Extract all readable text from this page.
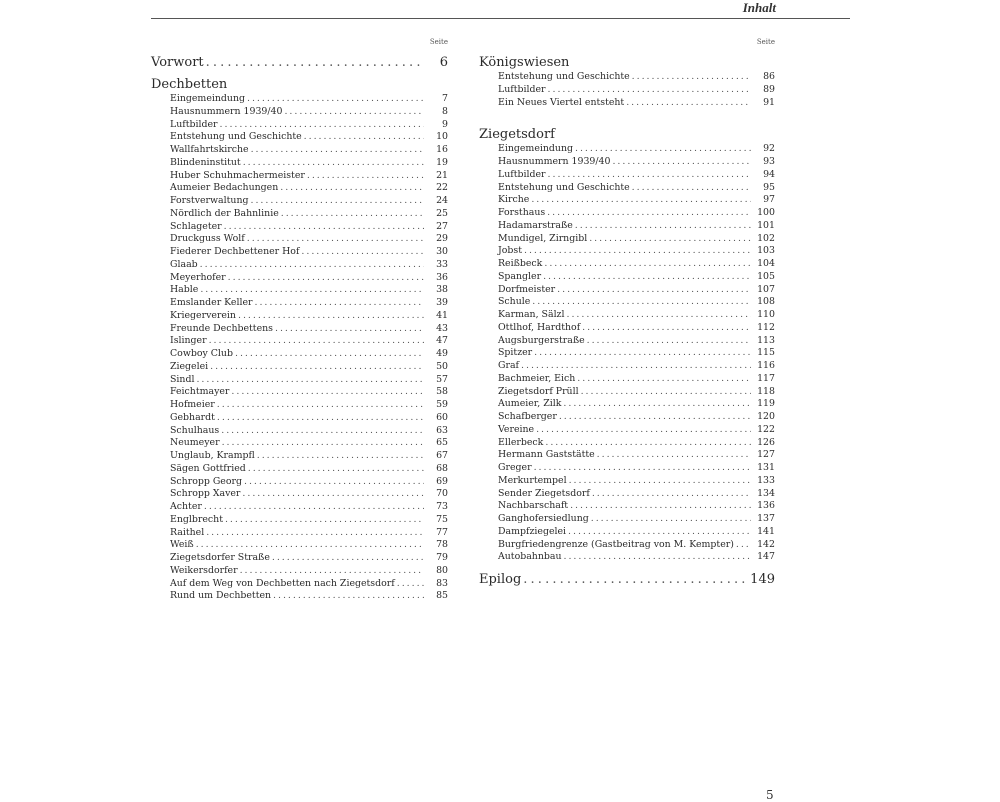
Inhalt
Seite
Vorwort . . .	6
Dechbetten
Eingemeindung . . .	7
Hausnummern 1939/40 . . .	8
Luftbilder . . .	9
Entstehung und Geschichte . . .	10
Wallfahrtskirche . . .	16
Blindeninstitut . . .	19
Huber Schuhmachermeister . . .	21
Aumeier Bedachungen . . .	22
Forstverwaltung . . .	24
Nördlich der Bahnlinie . . .	25
Schlageter . . .	27
Druckguss Wolf . . .	29
Fiederer Dechbettener Hof . . .	30
Glaab . . .	33
Meyerhofer . . .	36
Hable . . .	38
Emslander Keller . . .	39
Kriegerverein . . .	41
Freunde Dechbettens . . .	43
Islinger . . .	47
Cowboy Club . . .	49
Ziegelei . . .	50
Sindl . . .	57
Feichtmayer . . .	58
Hofmeier . . .	59
Gebhardt . . .	60
Schulhaus . . .	63
Neumeyer . . .	65
Unglaub, Krampfl . . .	67
Sägen Gottfried . . .	68
Schropp Georg . . .	69
Schropp Xaver . . .	70
Achter . . .	73
Englbrecht . . .	75
Raithel . . .	77
Weiß . . .	78
Ziegetsdorfer Straße . . .	79
Weikersdorfer . . .	80
Auf dem Weg von Dechbetten nach Ziegetsdorf . . .	83
Rund um Dechbetten . . .	85
Seite
Königswiesen
Entstehung und Geschichte . . .	86
Luftbilder . . .	89
Ein Neues Viertel entsteht . . .	91
Ziegetsdorf
Eingemeindung . . .	92
Hausnummern 1939/40 . . .	93
Luftbilder . . .	94
Entstehung und Geschichte . . .	95
Kirche . . .	97
Forsthaus . . .	100
Hadamarstraße . . .	101
Mundigel, Zirngibl . . .	102
Jobst . . .	103
Reißbeck . . .	104
Spangler . . .	105
Dorfmeister . . .	107
Schule . . .	108
Karman, Sälzl . . .	110
Ottlhof, Hardthof . . .	112
Augsburgerstraße . . .	113
Spitzer . . .	115
Graf . . .	116
Bachmeier, Eich . . .	117
Ziegetsdorf Prüll . . .	118
Aumeier, Zilk . . .	119
Schafberger . . .	120
Vereine . . .	122
Ellerbeck . . .	126
Hermann Gaststätte . . .	127
Greger . . .	131
Merkurtempel . . .	133
Sender Ziegetsdorf . . .	134
Nachbarschaft . . .	136
Ganghofersiedlung . . .	137
Dampfziegelei . . .	141
Burgfriedengrenze (Gastbeitrag von M. Kempter) . . .	142
Autobahnbau . . .	147
Epilog . . .	149
5
